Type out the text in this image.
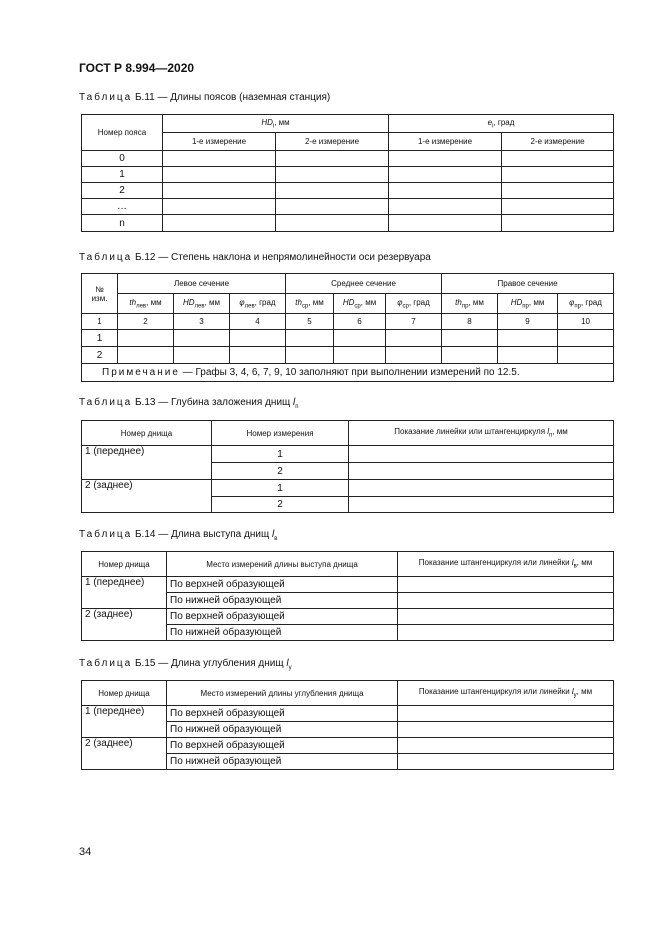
ГОСТ Р 8.994—2020
Таблица Б.11 — Длины поясов (наземная станция)
Номер пояса	$HD_i$, мм		$e_i$, град	
	1-е измерение	2-е измерение	1-е измерение	2-е измерение
0				
1				
2				
…				
n				
Таблица Б.12 — Степень наклона и непрямолинейности оси резервуара
№
изм.	Левое сечение			Среднее сечение			Правое сечение		
	$th_{лев}$, мм	$HD_{лев}$, мм	$\varphi_{лев}$, град	$th_{ср}$, мм	$HD_{ср}$, мм	$\varphi_{ср}$, град	$th_{пр}$, мм	$HD_{пр}$, мм	$\varphi_{пр}$, град
1	2	3	4	5	6	7	8	9	10
1									
2									
Примечание — Графы 3, 4, 6, 7, 9, 10 заполняют при выполнении измерений по 12.5.									
Таблица Б.13 — Глубина заложения днищ $l_п$
Номер днища	Номер измерения	Показание линейки или штангенциркуля $l_п$, мм
1 (переднее)	1	
	2	
2 (заднее)	1	
	2	
Таблица Б.14 — Длина выступа днищ $l_в$
Номер днища	Место измерений длины выступа днища	Показание штангенциркуля или линейки $l_в$, мм
1 (переднее)	По верхней образующей	
	По нижней образующей	
2 (заднее)	По верхней образующей	
	По нижней образующей	
Таблица Б.15 — Длина углубления днищ $l_у$
Номер днища	Место измерений длины углубления днища	Показание штангенциркуля или линейки $l_у$, мм
1 (переднее)	По верхней образующей	
	По нижней образующей	
2 (заднее)	По верхней образующей	
	По нижней образующей	
34
